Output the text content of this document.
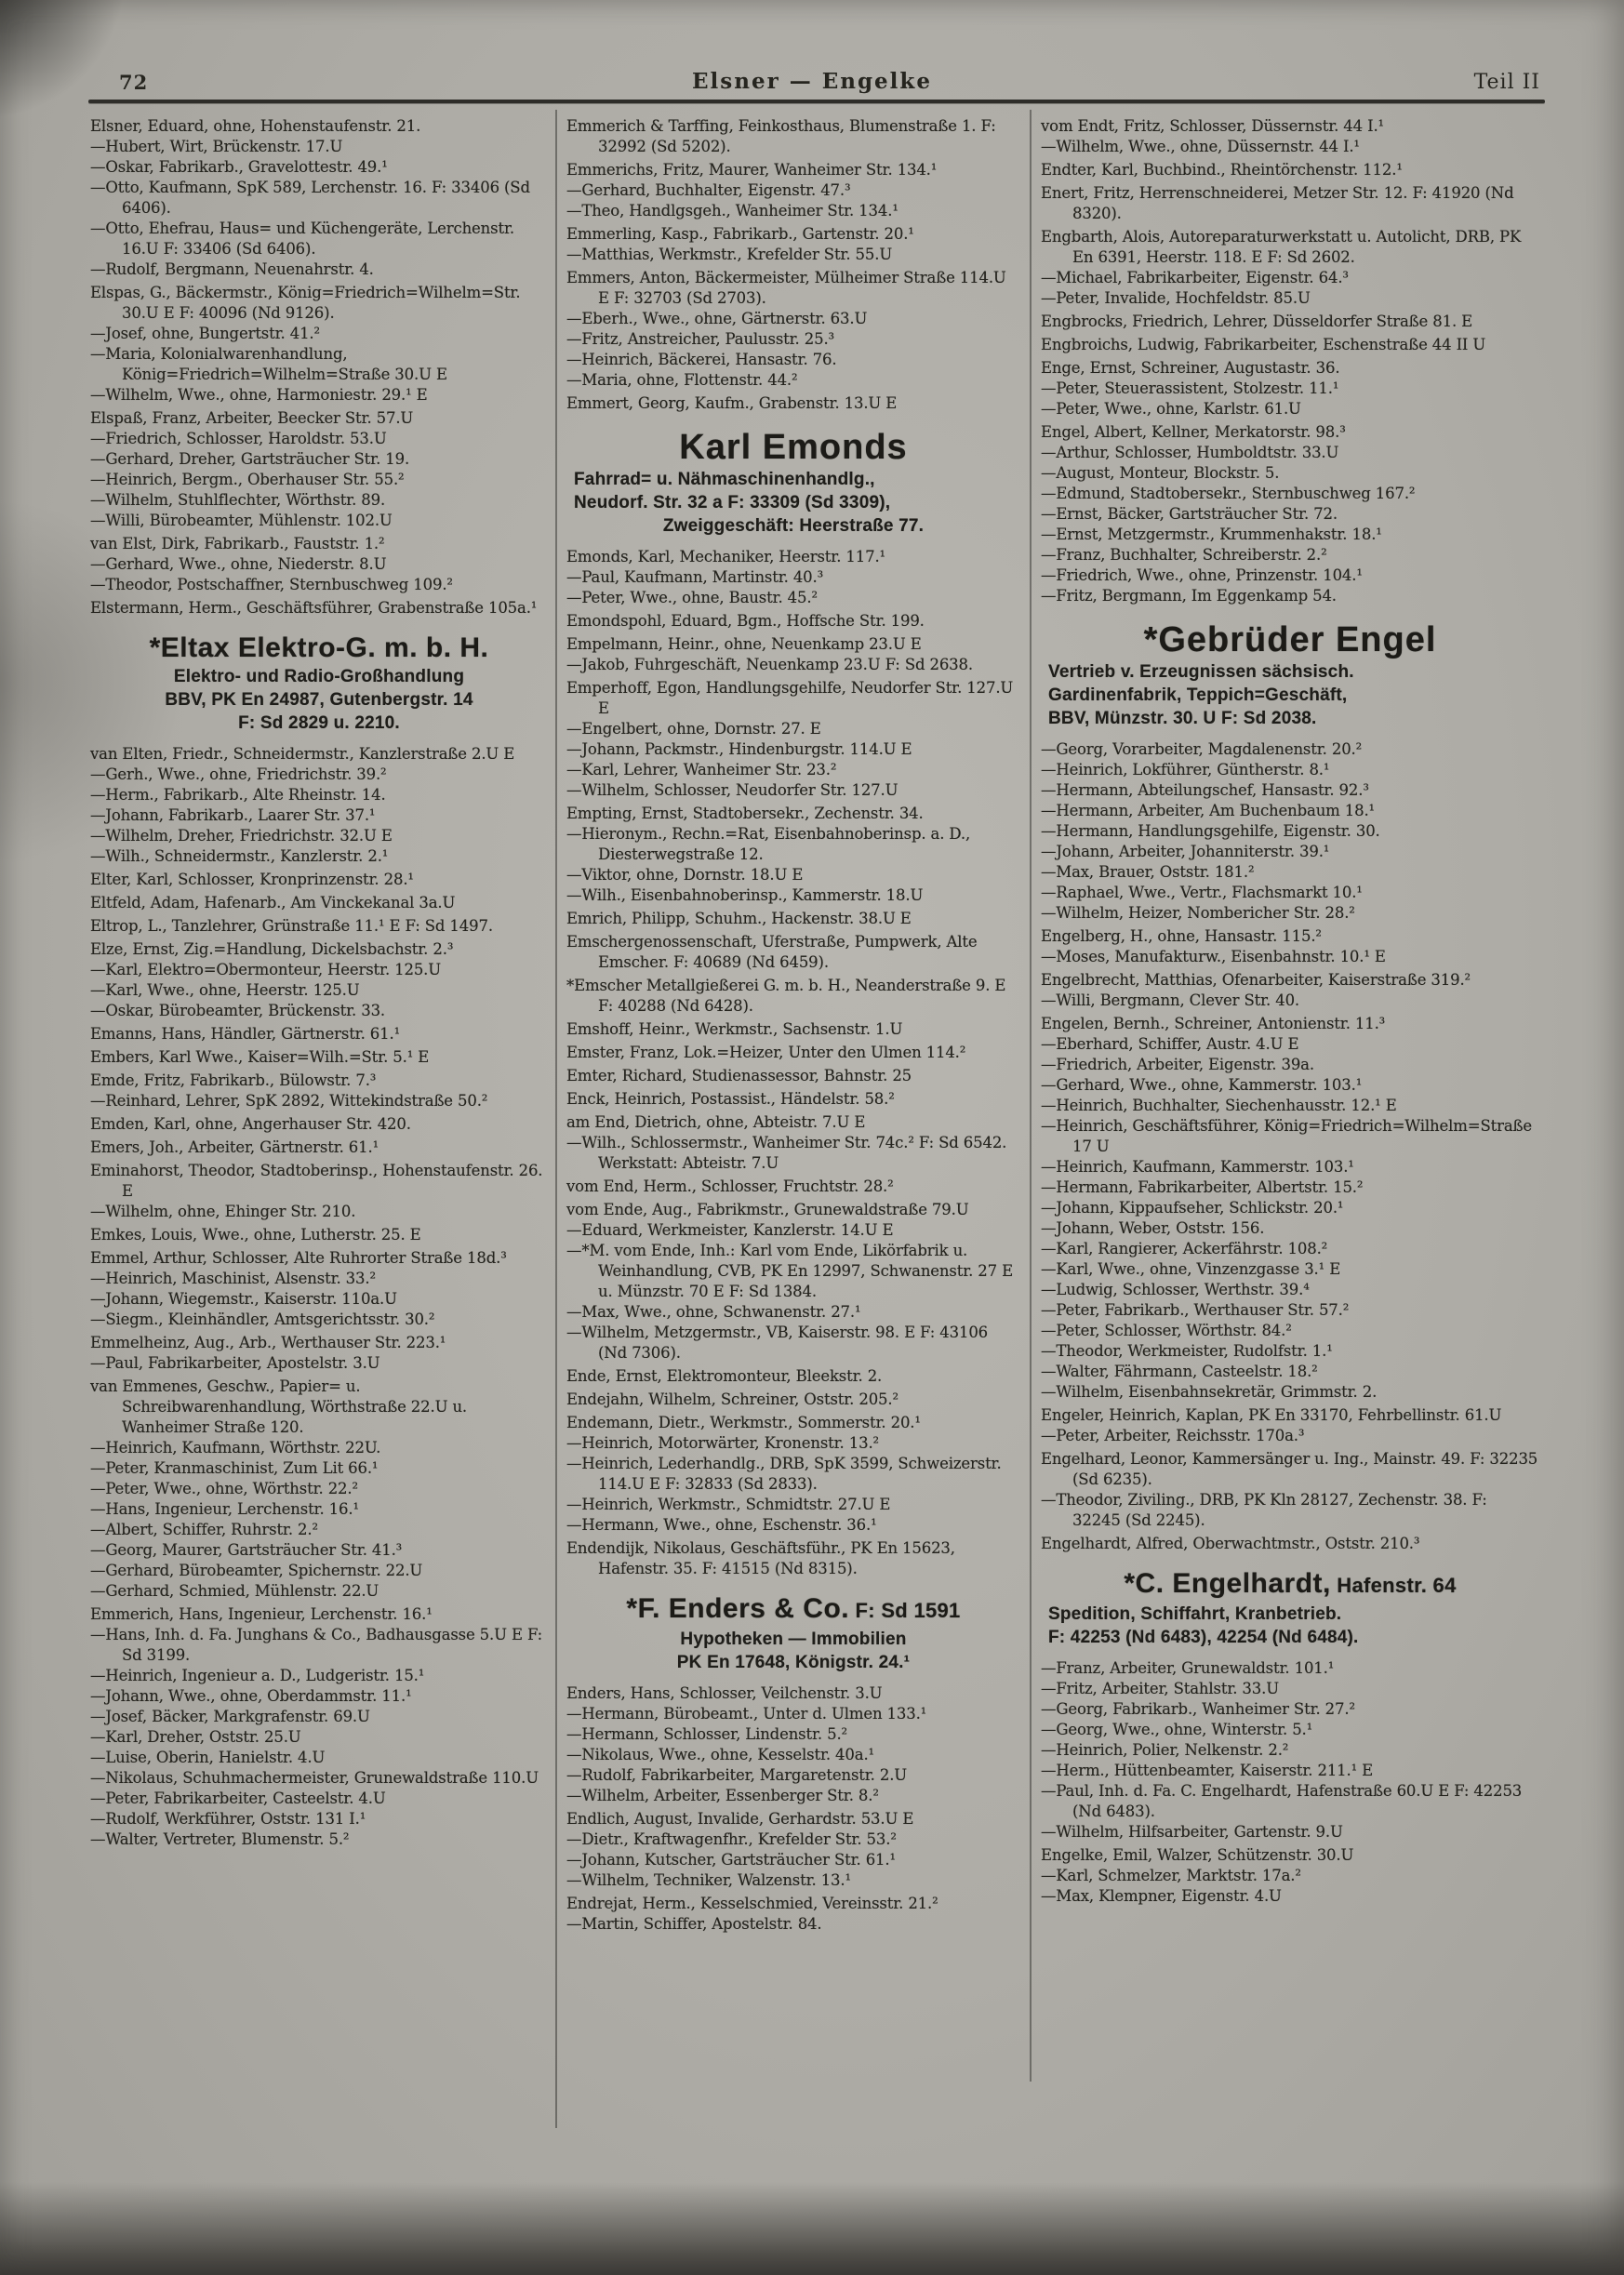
72	Elsner — Engelke	Teil II
Elsner, Eduard, ohne, Hohenstaufenstr. 21.
—Hubert, Wirt, Brückenstr. 17.U
—Oskar, Fabrikarb., Gravelottestr. 49.¹
—Otto, Kaufmann, SpK 589, Lerchenstr. 16. F: 33406 (Sd 6406).
—Otto, Ehefrau, Haus= und Küchengeräte, Lerchenstr. 16.U F: 33406 (Sd 6406).
—Rudolf, Bergmann, Neuenahrstr. 4.
Elspas, G., Bäckermstr., König=Friedrich=Wilhelm=Str. 30.U E F: 40096 (Nd 9126).
—Josef, ohne, Bungertstr. 41.²
—Maria, Kolonialwarenhandlung, König=Friedrich=Wilhelm=Straße 30.U E
—Wilhelm, Wwe., ohne, Harmoniestr. 29.¹ E
Elspaß, Franz, Arbeiter, Beecker Str. 57.U
—Friedrich, Schlosser, Haroldstr. 53.U
—Gerhard, Dreher, Gartsträucher Str. 19.
—Heinrich, Bergm., Oberhauser Str. 55.²
—Wilhelm, Stuhlflechter, Wörthstr. 89.
—Willi, Bürobeamter, Mühlenstr. 102.U
van Elst, Dirk, Fabrikarb., Fauststr. 1.²
—Gerhard, Wwe., ohne, Niederstr. 8.U
—Theodor, Postschaffner, Sternbuschweg 109.²
Elstermann, Herm., Geschäftsführer, Grabenstraße 105a.¹
*Eltax Elektro-G. m. b. H.
Elektro- und Radio-Großhandlung
BBV, PK En 24987, Gutenbergstr. 14
F: Sd 2829 u. 2210.
van Elten, Friedr., Schneidermstr., Kanzlerstraße 2.U E
—Gerh., Wwe., ohne, Friedrichstr. 39.²
—Herm., Fabrikarb., Alte Rheinstr. 14.
—Johann, Fabrikarb., Laarer Str. 37.¹
—Wilhelm, Dreher, Friedrichstr. 32.U E
—Wilh., Schneidermstr., Kanzlerstr. 2.¹
Elter, Karl, Schlosser, Kronprinzenstr. 28.¹
Eltfeld, Adam, Hafenarb., Am Vinckekanal 3a.U
Eltrop, L., Tanzlehrer, Grünstraße 11.¹ E F: Sd 1497.
Elze, Ernst, Zig.=Handlung, Dickelsbachstr. 2.³
—Karl, Elektro=Obermonteur, Heerstr. 125.U
—Karl, Wwe., ohne, Heerstr. 125.U
—Oskar, Bürobeamter, Brückenstr. 33.
Emanns, Hans, Händler, Gärtnerstr. 61.¹
Embers, Karl Wwe., Kaiser=Wilh.=Str. 5.¹ E
Emde, Fritz, Fabrikarb., Bülowstr. 7.³
—Reinhard, Lehrer, SpK 2892, Wittekindstraße 50.²
Emden, Karl, ohne, Angerhauser Str. 420.
Emers, Joh., Arbeiter, Gärtnerstr. 61.¹
Eminahorst, Theodor, Stadtoberinsp., Hohenstaufenstr. 26. E
—Wilhelm, ohne, Ehinger Str. 210.
Emkes, Louis, Wwe., ohne, Lutherstr. 25. E
Emmel, Arthur, Schlosser, Alte Ruhrorter Straße 18d.³
—Heinrich, Maschinist, Alsenstr. 33.²
—Johann, Wiegemstr., Kaiserstr. 110a.U
—Siegm., Kleinhändler, Amtsgerichtsstr. 30.²
Emmelheinz, Aug., Arb., Werthauser Str. 223.¹
—Paul, Fabrikarbeiter, Apostelstr. 3.U
van Emmenes, Geschw., Papier= u. Schreibwarenhandlung, Wörthstraße 22.U u. Wanheimer Straße 120.
—Heinrich, Kaufmann, Wörthstr. 22U.
—Peter, Kranmaschinist, Zum Lit 66.¹
—Peter, Wwe., ohne, Wörthstr. 22.²
—Hans, Ingenieur, Lerchenstr. 16.¹
—Albert, Schiffer, Ruhrstr. 2.²
—Georg, Maurer, Gartsträucher Str. 41.³
—Gerhard, Bürobeamter, Spichernstr. 22.U
—Gerhard, Schmied, Mühlenstr. 22.U
Emmerich, Hans, Ingenieur, Lerchenstr. 16.¹
—Hans, Inh. d. Fa. Junghans & Co., Badhausgasse 5.U E F: Sd 3199.
—Heinrich, Ingenieur a. D., Ludgeristr. 15.¹
—Johann, Wwe., ohne, Oberdammstr. 11.¹
—Josef, Bäcker, Markgrafenstr. 69.U
—Karl, Dreher, Oststr. 25.U
—Luise, Oberin, Hanielstr. 4.U
—Nikolaus, Schuhmachermeister, Grunewaldstraße 110.U
—Peter, Fabrikarbeiter, Casteelstr. 4.U
—Rudolf, Werkführer, Oststr. 131 I.¹
—Walter, Vertreter, Blumenstr. 5.²
Emmerich & Tarffing, Feinkosthaus, Blumenstraße 1. F: 32992 (Sd 5202).
Emmerichs, Fritz, Maurer, Wanheimer Str. 134.¹
—Gerhard, Buchhalter, Eigenstr. 47.³
—Theo, Handlgsgeh., Wanheimer Str. 134.¹
Emmerling, Kasp., Fabrikarb., Gartenstr. 20.¹
—Matthias, Werkmstr., Krefelder Str. 55.U
Emmers, Anton, Bäckermeister, Mülheimer Straße 114.U E F: 32703 (Sd 2703).
—Eberh., Wwe., ohne, Gärtnerstr. 63.U
—Fritz, Anstreicher, Paulusstr. 25.³
—Heinrich, Bäckerei, Hansastr. 76.
—Maria, ohne, Flottenstr. 44.²
Emmert, Georg, Kaufm., Grabenstr. 13.U E
Karl Emonds
Fahrrad= u. Nähmaschinenhandlg.,
Neudorf. Str. 32 a F: 33309 (Sd 3309),
Zweiggeschäft: Heerstraße 77.
Emonds, Karl, Mechaniker, Heerstr. 117.¹
—Paul, Kaufmann, Martinstr. 40.³
—Peter, Wwe., ohne, Baustr. 45.²
Emondspohl, Eduard, Bgm., Hoffsche Str. 199.
Empelmann, Heinr., ohne, Neuenkamp 23.U E
—Jakob, Fuhrgeschäft, Neuenkamp 23.U F: Sd 2638.
Emperhoff, Egon, Handlungsgehilfe, Neudorfer Str. 127.U E
—Engelbert, ohne, Dornstr. 27. E
—Johann, Packmstr., Hindenburgstr. 114.U E
—Karl, Lehrer, Wanheimer Str. 23.²
—Wilhelm, Schlosser, Neudorfer Str. 127.U
Empting, Ernst, Stadtobersekr., Zechenstr. 34.
—Hieronym., Rechn.=Rat, Eisenbahnoberinsp. a. D., Diesterwegstraße 12.
—Viktor, ohne, Dornstr. 18.U E
—Wilh., Eisenbahnoberinsp., Kammerstr. 18.U
Emrich, Philipp, Schuhm., Hackenstr. 38.U E
Emschergenossenschaft, Uferstraße, Pumpwerk, Alte Emscher. F: 40689 (Nd 6459).
*Emscher Metallgießerei G. m. b. H., Neanderstraße 9. E F: 40288 (Nd 6428).
Emshoff, Heinr., Werkmstr., Sachsenstr. 1.U
Emster, Franz, Lok.=Heizer, Unter den Ulmen 114.²
Emter, Richard, Studienassessor, Bahnstr. 25
Enck, Heinrich, Postassist., Händelstr. 58.²
am End, Dietrich, ohne, Abteistr. 7.U E
—Wilh., Schlossermstr., Wanheimer Str. 74c.² F: Sd 6542. Werkstatt: Abteistr. 7.U
vom End, Herm., Schlosser, Fruchtstr. 28.²
vom Ende, Aug., Fabrikmstr., Grunewaldstraße 79.U
—Eduard, Werkmeister, Kanzlerstr. 14.U E
—*M. vom Ende, Inh.: Karl vom Ende, Likörfabrik u. Weinhandlung, CVB, PK En 12997, Schwanenstr. 27 E u. Münzstr. 70 E F: Sd 1384.
—Max, Wwe., ohne, Schwanenstr. 27.¹
—Wilhelm, Metzgermstr., VB, Kaiserstr. 98. E F: 43106 (Nd 7306).
Ende, Ernst, Elektromonteur, Bleekstr. 2.
Endejahn, Wilhelm, Schreiner, Oststr. 205.²
Endemann, Dietr., Werkmstr., Sommerstr. 20.¹
—Heinrich, Motorwärter, Kronenstr. 13.²
—Heinrich, Lederhandlg., DRB, SpK 3599, Schweizerstr. 114.U E F: 32833 (Sd 2833).
—Heinrich, Werkmstr., Schmidtstr. 27.U E
—Hermann, Wwe., ohne, Eschenstr. 36.¹
Endendijk, Nikolaus, Geschäftsführ., PK En 15623, Hafenstr. 35. F: 41515 (Nd 8315).
*F. Enders & Co. F: Sd 1591
Hypotheken — Immobilien
PK En 17648, Königstr. 24.¹
Enders, Hans, Schlosser, Veilchenstr. 3.U
—Hermann, Bürobeamt., Unter d. Ulmen 133.¹
—Hermann, Schlosser, Lindenstr. 5.²
—Nikolaus, Wwe., ohne, Kesselstr. 40a.¹
—Rudolf, Fabrikarbeiter, Margaretenstr. 2.U
—Wilhelm, Arbeiter, Essenberger Str. 8.²
Endlich, August, Invalide, Gerhardstr. 53.U E
—Dietr., Kraftwagenfhr., Krefelder Str. 53.²
—Johann, Kutscher, Gartsträucher Str. 61.¹
—Wilhelm, Techniker, Walzenstr. 13.¹
Endrejat, Herm., Kesselschmied, Vereinsstr. 21.²
—Martin, Schiffer, Apostelstr. 84.
vom Endt, Fritz, Schlosser, Düssernstr. 44 I.¹
—Wilhelm, Wwe., ohne, Düssernstr. 44 I.¹
Endter, Karl, Buchbind., Rheintörchenstr. 112.¹
Enert, Fritz, Herrenschneiderei, Metzer Str. 12. F: 41920 (Nd 8320).
Engbarth, Alois, Autoreparaturwerkstatt u. Autolicht, DRB, PK En 6391, Heerstr. 118. E F: Sd 2602.
—Michael, Fabrikarbeiter, Eigenstr. 64.³
—Peter, Invalide, Hochfeldstr. 85.U
Engbrocks, Friedrich, Lehrer, Düsseldorfer Straße 81. E
Engbroichs, Ludwig, Fabrikarbeiter, Eschenstraße 44 II U
Enge, Ernst, Schreiner, Augustastr. 36.
—Peter, Steuerassistent, Stolzestr. 11.¹
—Peter, Wwe., ohne, Karlstr. 61.U
Engel, Albert, Kellner, Merkatorstr. 98.³
—Arthur, Schlosser, Humboldtstr. 33.U
—August, Monteur, Blockstr. 5.
—Edmund, Stadtobersekr., Sternbuschweg 167.²
—Ernst, Bäcker, Gartsträucher Str. 72.
—Ernst, Metzgermstr., Krummenhakstr. 18.¹
—Franz, Buchhalter, Schreiberstr. 2.²
—Friedrich, Wwe., ohne, Prinzenstr. 104.¹
—Fritz, Bergmann, Im Eggenkamp 54.
*Gebrüder Engel
Vertrieb v. Erzeugnissen sächsisch.
Gardinenfabrik, Teppich=Geschäft,
BBV, Münzstr. 30. U F: Sd 2038.
—Georg, Vorarbeiter, Magdalenenstr. 20.²
—Heinrich, Lokführer, Güntherstr. 8.¹
—Hermann, Abteilungschef, Hansastr. 92.³
—Hermann, Arbeiter, Am Buchenbaum 18.¹
—Hermann, Handlungsgehilfe, Eigenstr. 30.
—Johann, Arbeiter, Johanniterstr. 39.¹
—Max, Brauer, Oststr. 181.²
—Raphael, Wwe., Vertr., Flachsmarkt 10.¹
—Wilhelm, Heizer, Nombericher Str. 28.²
Engelberg, H., ohne, Hansastr. 115.²
—Moses, Manufakturw., Eisenbahnstr. 10.¹ E
Engelbrecht, Matthias, Ofenarbeiter, Kaiserstraße 319.²
—Willi, Bergmann, Clever Str. 40.
Engelen, Bernh., Schreiner, Antonienstr. 11.³
—Eberhard, Schiffer, Austr. 4.U E
—Friedrich, Arbeiter, Eigenstr. 39a.
—Gerhard, Wwe., ohne, Kammerstr. 103.¹
—Heinrich, Buchhalter, Siechenhausstr. 12.¹ E
—Heinrich, Geschäftsführer, König=Friedrich=Wilhelm=Straße 17 U
—Heinrich, Kaufmann, Kammerstr. 103.¹
—Hermann, Fabrikarbeiter, Albertstr. 15.²
—Johann, Kippaufseher, Schlickstr. 20.¹
—Johann, Weber, Oststr. 156.
—Karl, Rangierer, Ackerfährstr. 108.²
—Karl, Wwe., ohne, Vinzenzgasse 3.¹ E
—Ludwig, Schlosser, Werthstr. 39.⁴
—Peter, Fabrikarb., Werthauser Str. 57.²
—Peter, Schlosser, Wörthstr. 84.²
—Theodor, Werkmeister, Rudolfstr. 1.¹
—Walter, Fährmann, Casteelstr. 18.²
—Wilhelm, Eisenbahnsekretär, Grimmstr. 2.
Engeler, Heinrich, Kaplan, PK En 33170, Fehrbellinstr. 61.U
—Peter, Arbeiter, Reichsstr. 170a.³
Engelhard, Leonor, Kammersänger u. Ing., Mainstr. 49. F: 32235 (Sd 6235).
—Theodor, Ziviling., DRB, PK Kln 28127, Zechenstr. 38. F: 32245 (Sd 2245).
Engelhardt, Alfred, Oberwachtmstr., Oststr. 210.³
*C. Engelhardt, Hafenstr. 64
Spedition, Schiffahrt, Kranbetrieb.
F: 42253 (Nd 6483), 42254 (Nd 6484).
—Franz, Arbeiter, Grunewaldstr. 101.¹
—Fritz, Arbeiter, Stahlstr. 33.U
—Georg, Fabrikarb., Wanheimer Str. 27.²
—Georg, Wwe., ohne, Winterstr. 5.¹
—Heinrich, Polier, Nelkenstr. 2.²
—Herm., Hüttenbeamter, Kaiserstr. 211.¹ E
—Paul, Inh. d. Fa. C. Engelhardt, Hafenstraße 60.U E F: 42253 (Nd 6483).
—Wilhelm, Hilfsarbeiter, Gartenstr. 9.U
Engelke, Emil, Walzer, Schützenstr. 30.U
—Karl, Schmelzer, Marktstr. 17a.²
—Max, Klempner, Eigenstr. 4.U
